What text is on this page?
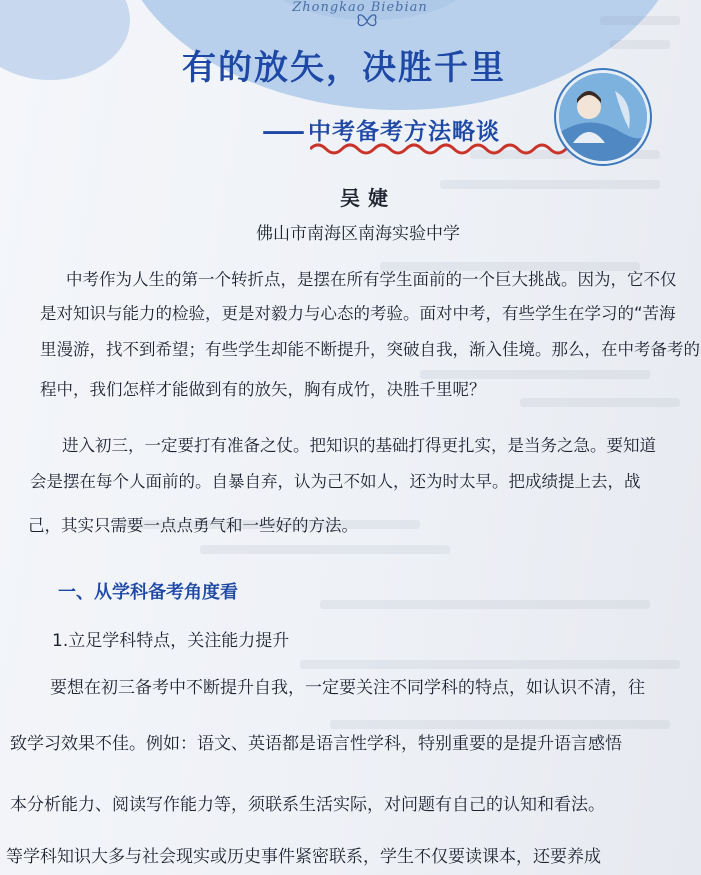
Zhongkao Biebian
有的放矢，决胜千里
—— 中考备考方法略谈
吴婕
佛山市南海区南海实验中学
中考作为人生的第一个转折点，是摆在所有学生面前的一个巨大挑战。因为，它不仅
是对知识与能力的检验，更是对毅力与心态的考验。面对中考，有些学生在学习的“苦海
里漫游，找不到希望；有些学生却能不断提升，突破自我，渐入佳境。那么，在中考备考的
程中，我们怎样才能做到有的放矢，胸有成竹，决胜千里呢？
进入初三，一定要打有准备之仗。把知识的基础打得更扎实，是当务之急。要知道
会是摆在每个人面前的。自暴自弃，认为己不如人，还为时太早。把成绩提上去，战
己，其实只需要一点点勇气和一些好的方法。
一、从学科备考角度看
1.立足学科特点，关注能力提升
要想在初三备考中不断提升自我，一定要关注不同学科的特点，如认识不清，往
致学习效果不佳。例如：语文、英语都是语言性学科，特别重要的是提升语言感悟
本分析能力、阅读写作能力等，须联系生活实际，对问题有自己的认知和看法。
等学科知识大多与社会现实或历史事件紧密联系，学生不仅要读课本，还要养成
